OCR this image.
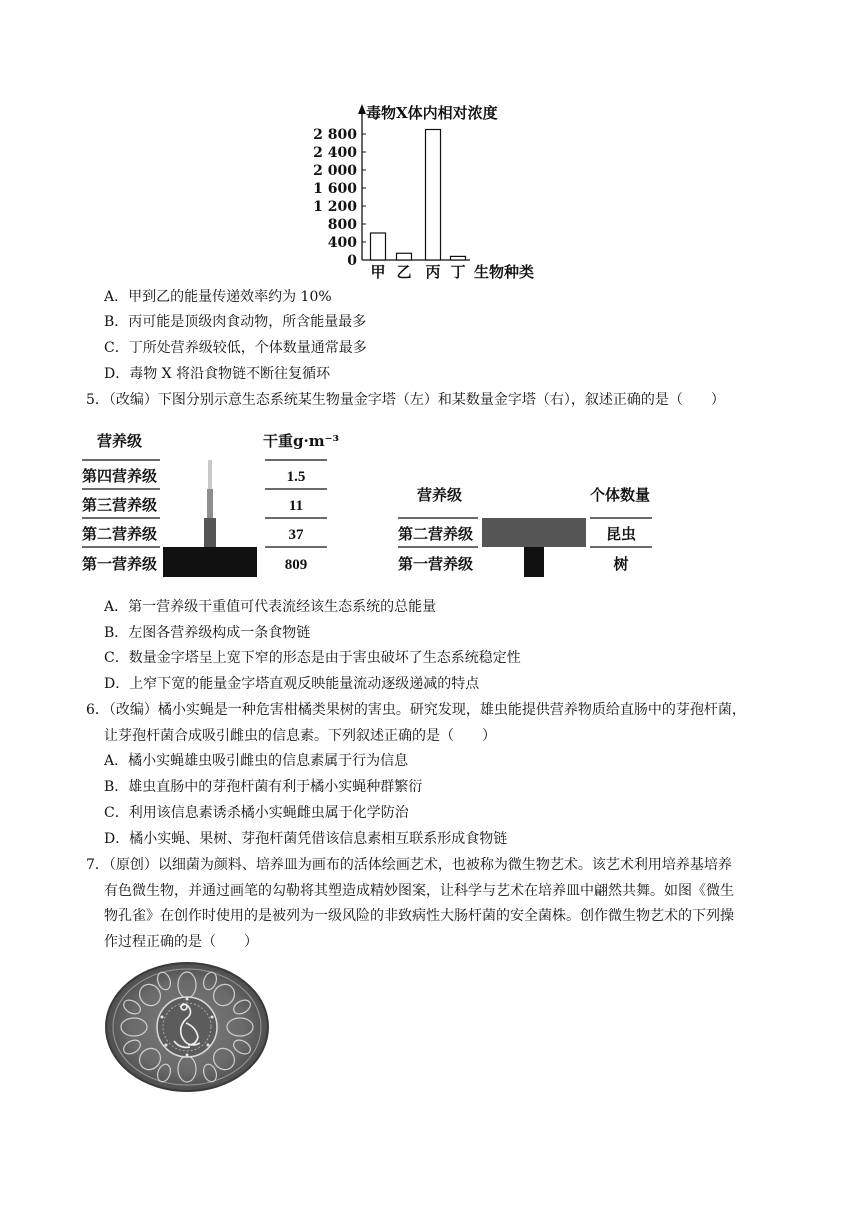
毒物X体内相对浓度
生物种类
0
400
800
1 200
1 600
2 000
2 400
2 800
甲 乙 丙 丁
A．甲到乙的能量传递效率约为 10%
B．丙可能是顶级肉食动物，所含能量最多
C．丁所处营养级较低，个体数量通常最多
D．毒物 X 将沿食物链不断往复循环
5．（改编）下图分别示意生态系统某生物量金字塔（左）和某数量金字塔（右），叙述正确的是（　　）
营养级	干重g·m⁻³
第四营养级
第三营养级
第二营养级
第一营养级
1.5
11
37
809
营养级	个体数量
第二营养级
第一营养级
昆虫
树
A．第一营养级干重值可代表流经该生态系统的总能量
B．左图各营养级构成一条食物链
C．数量金字塔呈上宽下窄的形态是由于害虫破坏了生态系统稳定性
D．上窄下宽的能量金字塔直观反映能量流动逐级递减的特点
6．（改编）橘小实蝇是一种危害柑橘类果树的害虫。研究发现，雄虫能提供营养物质给直肠中的芽孢杆菌，
让芽孢杆菌合成吸引雌虫的信息素。下列叙述正确的是（　　）
A．橘小实蝇雄虫吸引雌虫的信息素属于行为信息
B．雄虫直肠中的芽孢杆菌有利于橘小实蝇种群繁衍
C．利用该信息素诱杀橘小实蝇雌虫属于化学防治
D．橘小实蝇、果树、芽孢杆菌凭借该信息素相互联系形成食物链
7．（原创）以细菌为颜料、培养皿为画布的活体绘画艺术，也被称为微生物艺术。该艺术利用培养基培养
有色微生物，并通过画笔的勾勒将其塑造成精妙图案，让科学与艺术在培养皿中翩然共舞。如图《微生
物孔雀》在创作时使用的是被列为一级风险的非致病性大肠杆菌的安全菌株。创作微生物艺术的下列操
作过程正确的是（　　）
